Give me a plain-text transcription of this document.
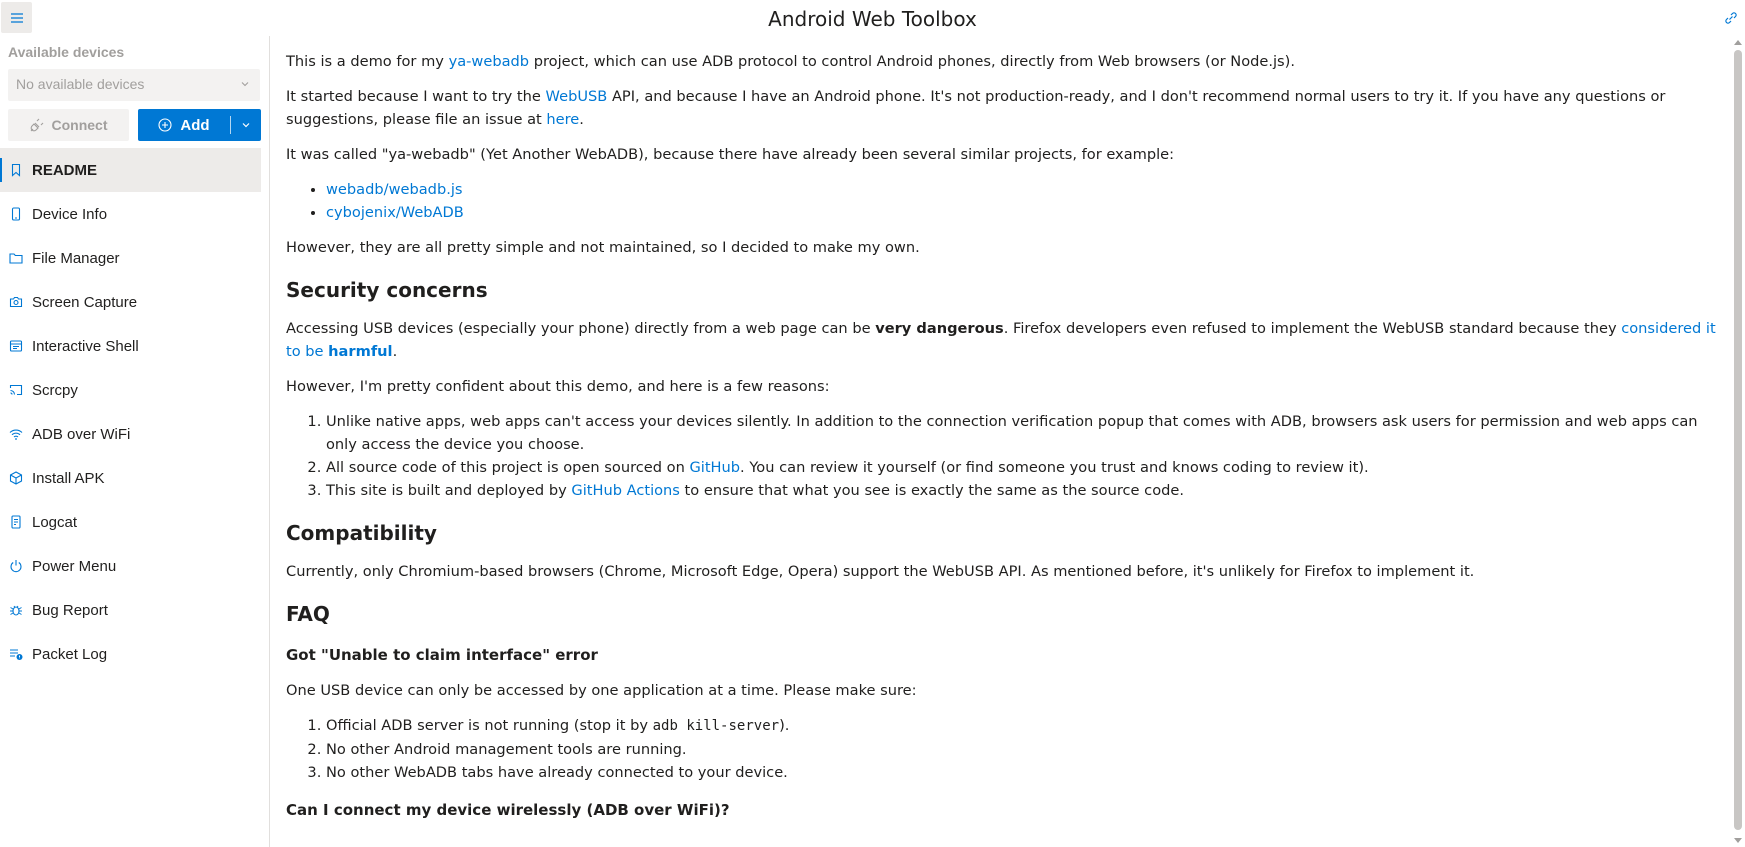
Android Web Toolbox
Available devices
No available devices
Connect	Add
README
Device Info
File Manager
Screen Capture
Interactive Shell
Scrcpy
ADB over WiFi
Install APK
Logcat
Power Menu
Bug Report
Packet Log

This is a demo for my ya-webadb project, which can use ADB protocol to control Android phones, directly from Web browsers (or Node.js).

It started because I want to try the WebUSB API, and because I have an Android phone. It's not production-ready, and I don't recommend normal users to try it. If you have any questions or suggestions, please file an issue at here.

It was called "ya-webadb" (Yet Another WebADB), because there have already been several similar projects, for example:

• webadb/webadb.js
• cybojenix/WebADB

However, they are all pretty simple and not maintained, so I decided to make my own.

Security concerns

Accessing USB devices (especially your phone) directly from a web page can be very dangerous. Firefox developers even refused to implement the WebUSB standard because they considered it to be harmful.

However, I'm pretty confident about this demo, and here is a few reasons:

1. Unlike native apps, web apps can't access your devices silently. In addition to the connection verification popup that comes with ADB, browsers ask users for permission and web apps can only access the device you choose.
2. All source code of this project is open sourced on GitHub. You can review it yourself (or find someone you trust and knows coding to review it).
3. This site is built and deployed by GitHub Actions to ensure that what you see is exactly the same as the source code.
Compatibility

Currently, only Chromium-based browsers (Chrome, Microsoft Edge, Opera) support the WebUSB API. As mentioned before, it's unlikely for Firefox to implement it.

FAQ
Got "Unable to claim interface" error

One USB device can only be accessed by one application at a time. Please make sure:

1. Official ADB server is not running (stop it by adb kill-server).
2. No other Android management tools are running.
3. No other WebADB tabs have already connected to your device.
Can I connect my device wirelessly (ADB over WiFi)?
